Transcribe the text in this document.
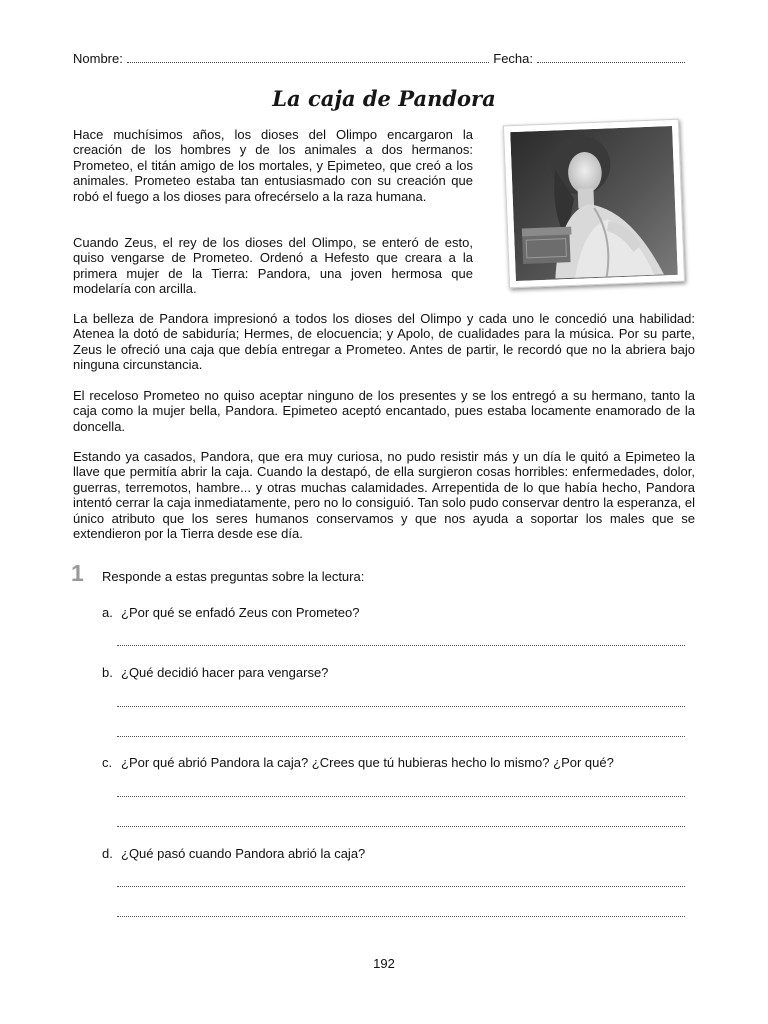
Nombre:	Fecha:
La caja de Pandora

Hace muchísimos años, los dioses del Olimpo encargaron la creación de los hombres y de los animales a dos hermanos: Prometeo, el titán amigo de los mortales, y Epimeteo, que creó a los animales. Prometeo estaba tan entusiasmado con su creación que robó el fuego a los dioses para ofrecérselo a la raza humana.

Cuando Zeus, el rey de los dioses del Olimpo, se enteró de esto, quiso vengarse de Prometeo. Ordenó a Hefesto que creara a la primera mujer de la Tierra: Pandora, una joven hermosa que modelaría con arcilla.

La belleza de Pandora impresionó a todos los dioses del Olimpo y cada uno le concedió una habilidad: Atenea la dotó de sabiduría; Hermes, de elocuencia; y Apolo, de cualidades para la música. Por su parte, Zeus le ofreció una caja que debía entregar a Prometeo. Antes de partir, le recordó que no la abriera bajo ninguna circunstancia.

El receloso Prometeo no quiso aceptar ninguno de los presentes y se los entregó a su hermano, tanto la caja como la mujer bella, Pandora. Epimeteo aceptó encantado, pues estaba locamente enamorado de la doncella.

Estando ya casados, Pandora, que era muy curiosa, no pudo resistir más y un día le quitó a Epimeteo la llave que permitía abrir la caja. Cuando la destapó, de ella surgieron cosas horribles: enfermedades, dolor, guerras, terremotos, hambre... y otras muchas calamidades. Arrepentida de lo que había hecho, Pandora intentó cerrar la caja inmediatamente, pero no lo consiguió. Tan solo pudo conservar dentro la esperanza, el único atributo que los seres humanos conservamos y que nos ayuda a soportar los males que se extendieron por la Tierra desde ese día.

1 Responde a estas preguntas sobre la lectura:
a. ¿Por qué se enfadó Zeus con Prometeo?
b. ¿Qué decidió hacer para vengarse?
c. ¿Por qué abrió Pandora la caja? ¿Crees que tú hubieras hecho lo mismo? ¿Por qué?
d. ¿Qué pasó cuando Pandora abrió la caja?
192
